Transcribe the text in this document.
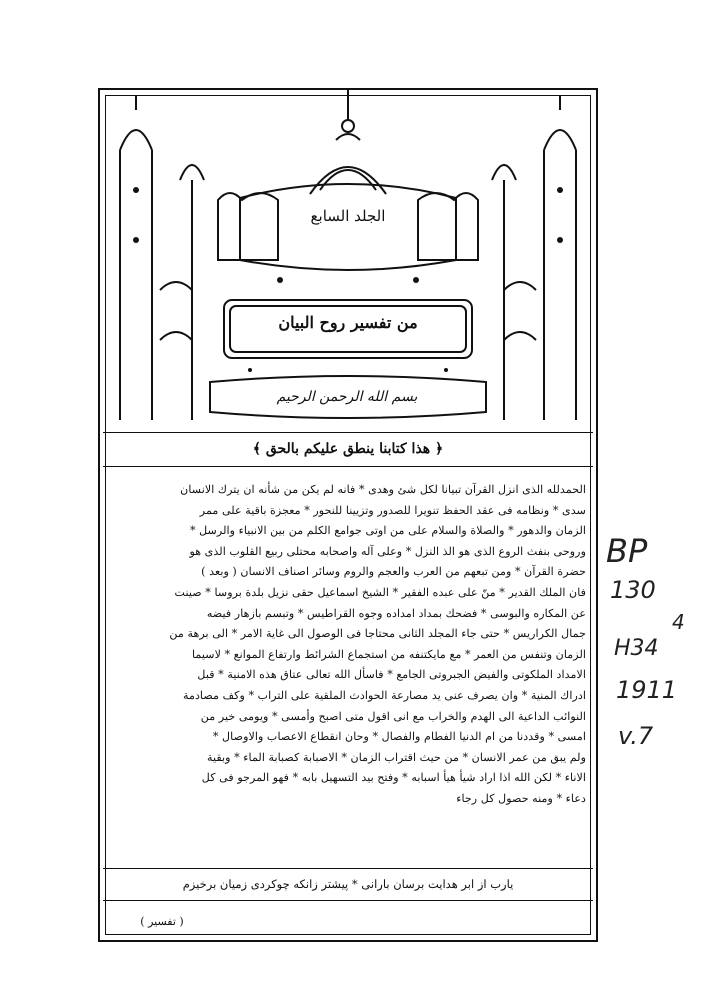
الجلد السابع
من تفسير روح البيان
بسم الله الرحمن الرحيم
﴿ هذا كتابنا ينطق عليكم بالحق ﴾

الحمدلله الذى انزل القرآن تبيانا لكل شئ وهدى * فانه لم يكن من شأنه ان يترك الانسان

سدى * ونظامه فى عقد الحفظ تنويرا للصدور وتزيينا للنحور * معجزة باقية على ممر

الزمان والدهور * والصلاة والسلام على من اوتى جوامع الكلم من بين الانبياء والرسل *

وروحى بنفث الروع الذى هو الذ النزل * وعلى آله واصحابه محتلى ربيع القلوب الذى هو

حضرة القرآن * ومن تبعهم من العرب والعجم والروم وسائر اصناف الانسان ( وبعد )

فان الملك القدير * منّ على عبده الفقير * الشيخ اسماعيل حقى نزيل بلدة بروسا * صينت

عن المكاره والبوسى * فضحك بمداد امداده وجوه القراطيس * وتبسم بازهار فيضه

جمال الكراريس * حتى جاء المجلد الثانى محتاجا فى الوصول الى غاية الامر * الى برهة من

الزمان وتنفس من العمر * مع مايكتنفه من استجماع الشرائط وارتفاع الموانع * لاسيما

الامداد الملكوتى والفيض الجبروتى الجامع * فاسأل الله تعالى عتاق هذه الامنية * قبل

ادراك المنية * وان يصرف عنى يد مصارعة الحوادث الملقية على التراب * وكف مصادمة

النوائب الداعية الى الهدم والخراب مع انى اقول متى اصبح وأمسى * ويومى خير من

امسى * وقددنا من ام الدنيا الفطام والفصال * وحان انقطاع الاعصاب والاوصال *

ولم يبق من عمر الانسان * من حيث اقتراب الزمان * الاصبابة كصبابة الماء * وبقية

الاناء * لكن الله اذا اراد شيأ هيأ اسبابه * وفتح بيد التسهيل بابه * فهو المرجو فى كل

دعاء * ومنه حصول كل رجاء

يارب از ابر هدايت برسان بارانى * پيشتر زانكه چوكردى زميان برخيزم
( تفسير )
BP
130
4
H34
1911
v.7
